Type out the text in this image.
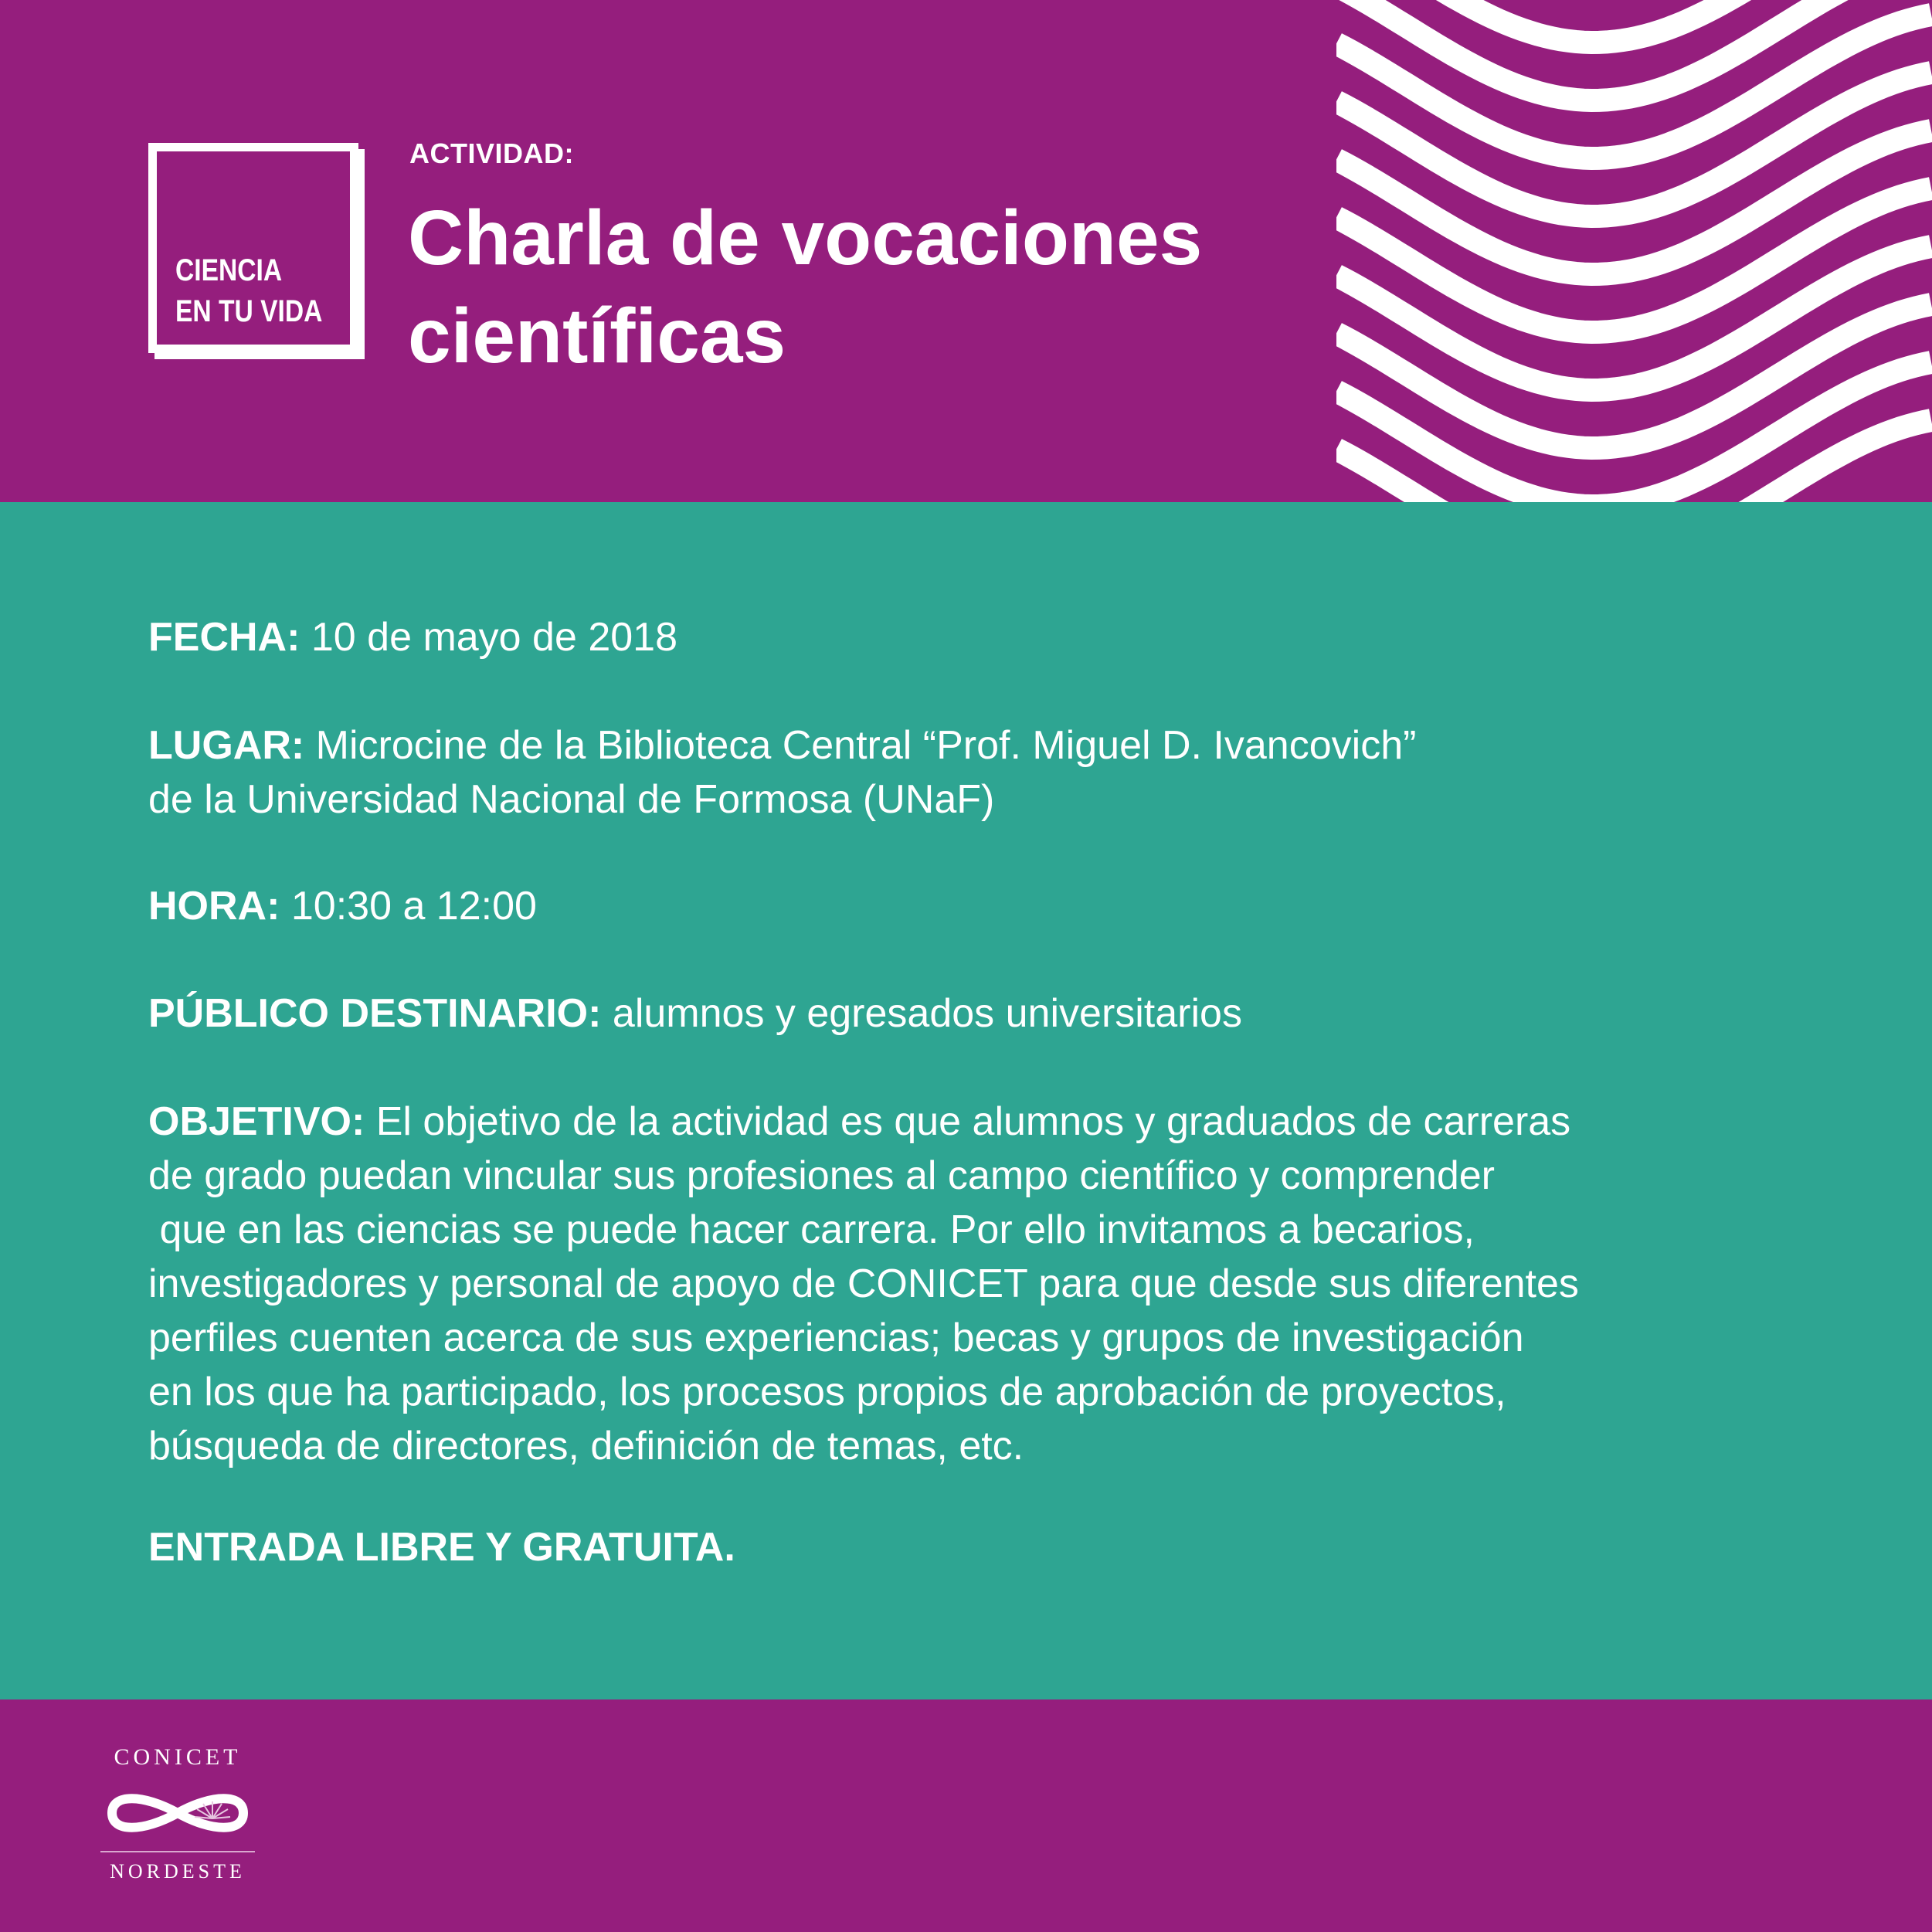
CIENCIA
EN TU VIDA
ACTIVIDAD:
Charla de vocaciones
científicas
FECHA: 10 de mayo de 2018
LUGAR: Microcine de la Biblioteca Central “Prof. Miguel D. Ivancovich”
de la Universidad Nacional de Formosa (UNaF)
HORA: 10:30 a 12:00
PÚBLICO DESTINARIO: alumnos y egresados universitarios
OBJETIVO: El objetivo de la actividad es que alumnos y graduados de carreras
de grado puedan vincular sus profesiones al campo científico y comprender
que en las ciencias se puede hacer carrera. Por ello invitamos a becarios,
investigadores y personal de apoyo de CONICET para que desde sus diferentes
perfiles cuenten acerca de sus experiencias; becas y grupos de investigación
en los que ha participado, los procesos propios de aprobación de proyectos,
búsqueda de directores, definición de temas, etc.
ENTRADA LIBRE Y GRATUITA.
CONICET
NORDESTE
